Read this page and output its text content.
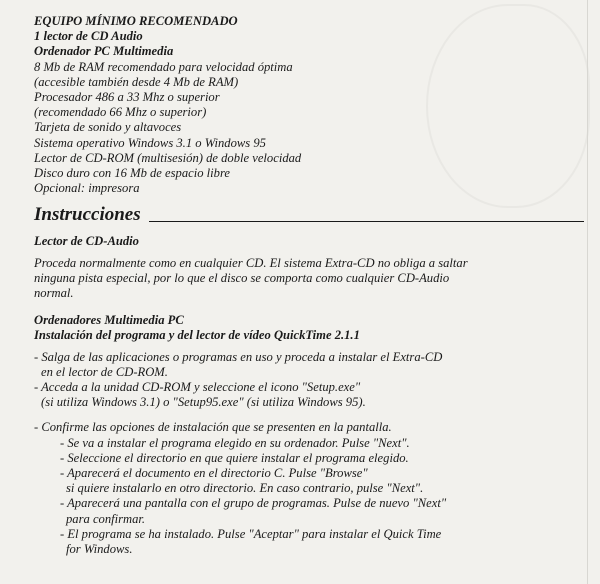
EQUIPO MÍNIMO RECOMENDADO
1 lector de CD Audio
Ordenador PC Multimedia
8 Mb de RAM recomendado para velocidad óptima
(accesible también desde 4 Mb de RAM)
Procesador 486 a 33 Mhz o superior
(recomendado 66 Mhz o superior)
Tarjeta de sonido y altavoces
Sistema operativo Windows 3.1 o Windows 95
Lector de CD-ROM (multisesión) de doble velocidad
Disco duro con 16 Mb de espacio libre
Opcional: impresora
Instrucciones
Lector de CD-Audio
Proceda normalmente como en cualquier CD. El sistema Extra-CD no obliga a saltar
ninguna pista especial, por lo que el disco se comporta como cualquier CD-Audio
normal.
Ordenadores Multimedia PC
Instalación del programa y del lector de vídeo QuickTime 2.1.1
- Salga de las aplicaciones o programas en uso y proceda a instalar el Extra-CD
en el lector de CD-ROM.
- Acceda a la unidad CD-ROM y seleccione el icono "Setup.exe"
(si utiliza Windows 3.1) o "Setup95.exe" (si utiliza Windows 95).
- Confirme las opciones de instalación que se presenten en la pantalla.
- Se va a instalar el programa elegido en su ordenador. Pulse "Next".
- Seleccione el directorio en que quiere instalar el programa elegido.
- Aparecerá el documento en el directorio C. Pulse "Browse"
si quiere instalarlo en otro directorio. En caso contrario, pulse "Next".
- Aparecerá una pantalla con el grupo de programas. Pulse de nuevo "Next"
para confirmar.
- El programa se ha instalado. Pulse "Aceptar" para instalar el Quick Time
for Windows.
